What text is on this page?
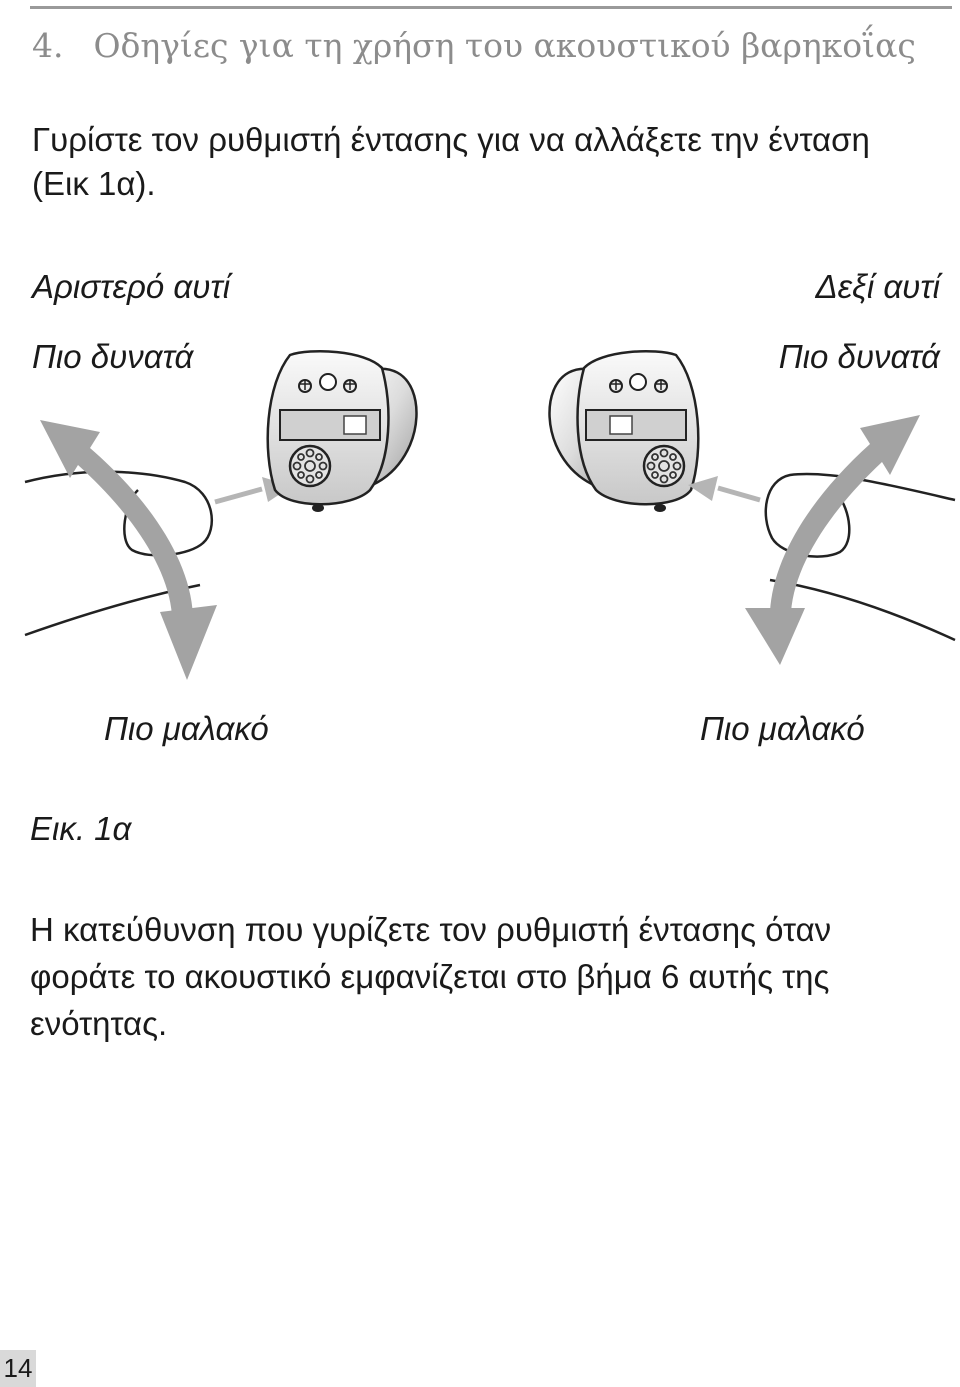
4. Οδηγίες για τη χρήση του ακουστικού βαρηκοΐας
Γυρίστε τον ρυθμιστή έντασης για να αλλάξετε την ένταση (Εικ 1α).
Αριστερό αυτί	Δεξί αυτί
Πιο δυνατά	Πιο δυνατά
Πιο μαλακό	Πιο μαλακό
Εικ. 1α
Η κατεύθυνση που γυρίζετε τον ρυθμιστή έντασης όταν φοράτε το ακουστικό εμφανίζεται στο βήμα 6 αυτής της ενότητας.
14
